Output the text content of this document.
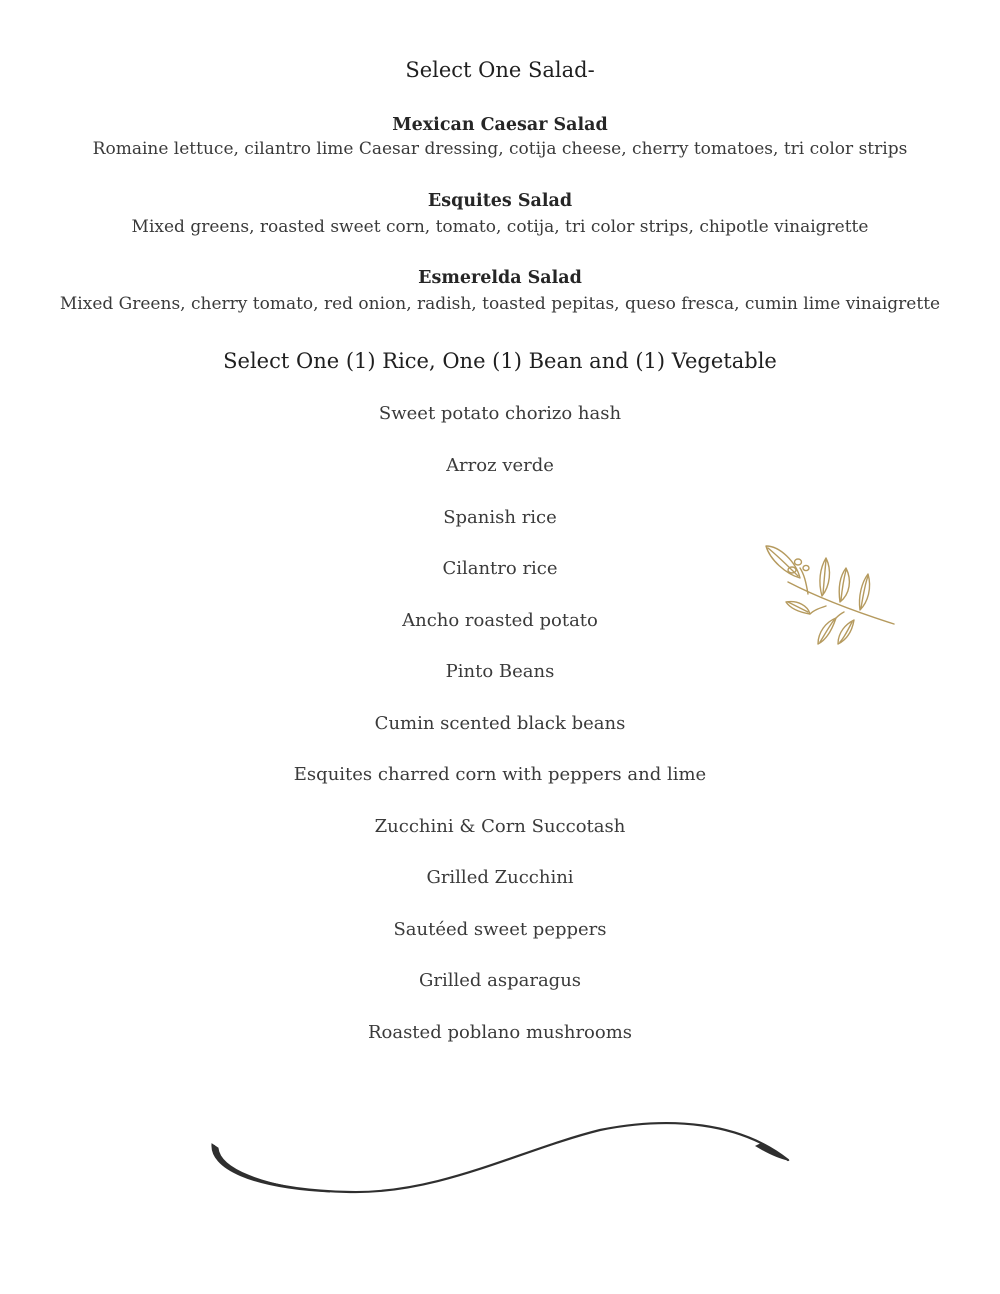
Select One Salad-
Mexican Caesar Salad
Romaine lettuce, cilantro lime Caesar dressing, cotija cheese, cherry tomatoes, tri color strips
Esquites Salad
Mixed greens, roasted sweet corn, tomato, cotija, tri color strips, chipotle vinaigrette
Esmerelda Salad
Mixed Greens, cherry tomato, red onion, radish, toasted pepitas, queso fresca, cumin lime vinaigrette
Select One (1) Rice, One (1) Bean and (1) Vegetable
Sweet potato chorizo hash
Arroz verde
Spanish rice
Cilantro rice
Ancho roasted potato
Pinto Beans
Cumin scented black beans
Esquites charred corn with peppers and lime
Zucchini & Corn Succotash
Grilled Zucchini
Sautéed sweet peppers
Grilled asparagus
Roasted poblano mushrooms
